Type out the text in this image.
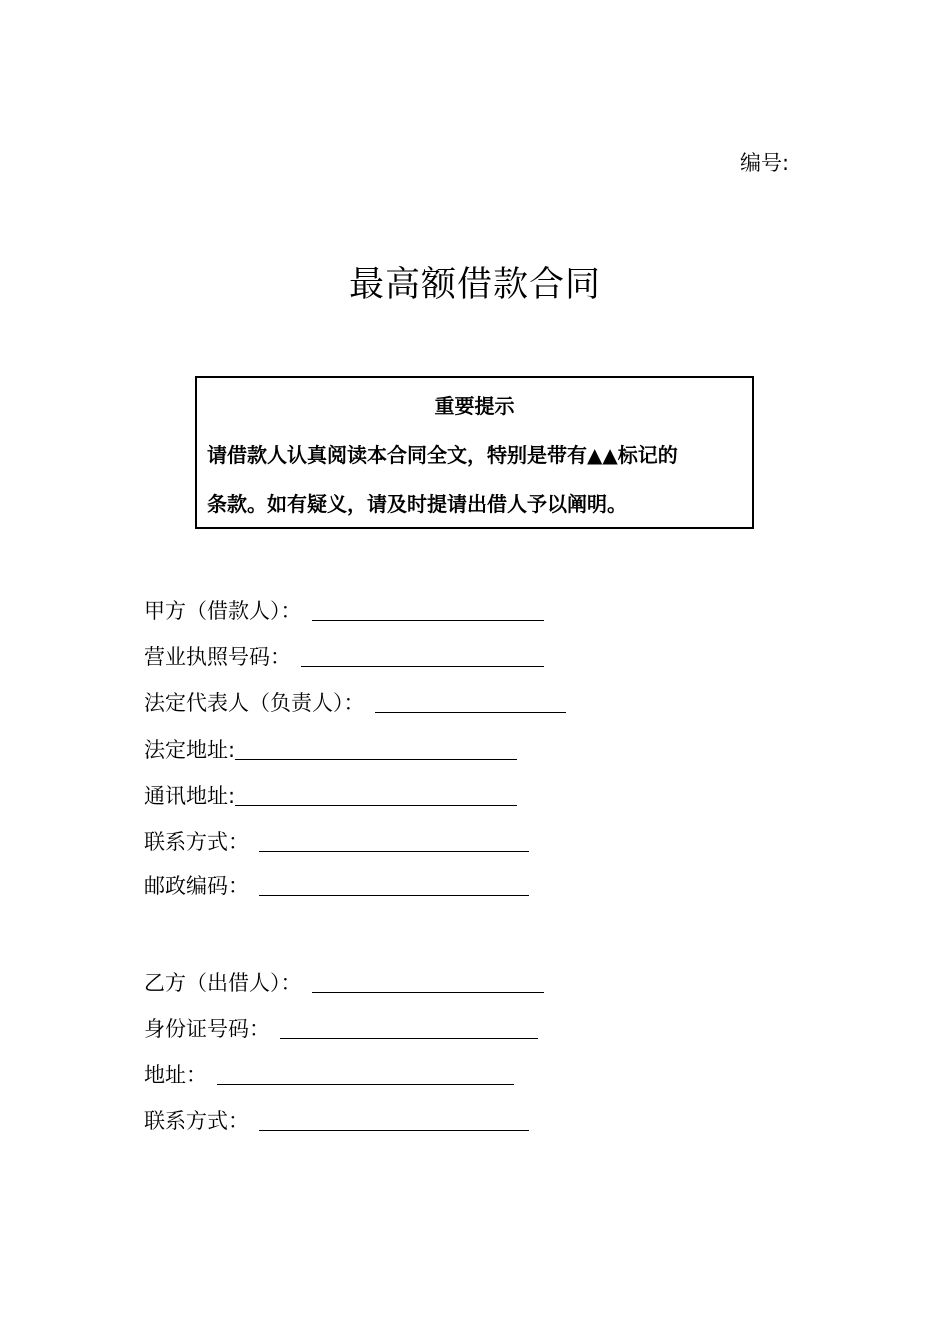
编号:
最高额借款合同
重要提示
请借款人认真阅读本合同全文，特别是带有▲▲标记的
条款。如有疑义，请及时提请出借人予以阐明。
甲方（借款人）：
营业执照号码：
法定代表人（负责人）：
法定地址:
通讯地址:
联系方式：
邮政编码：
乙方（出借人）：
身份证号码：
地址：
联系方式：
